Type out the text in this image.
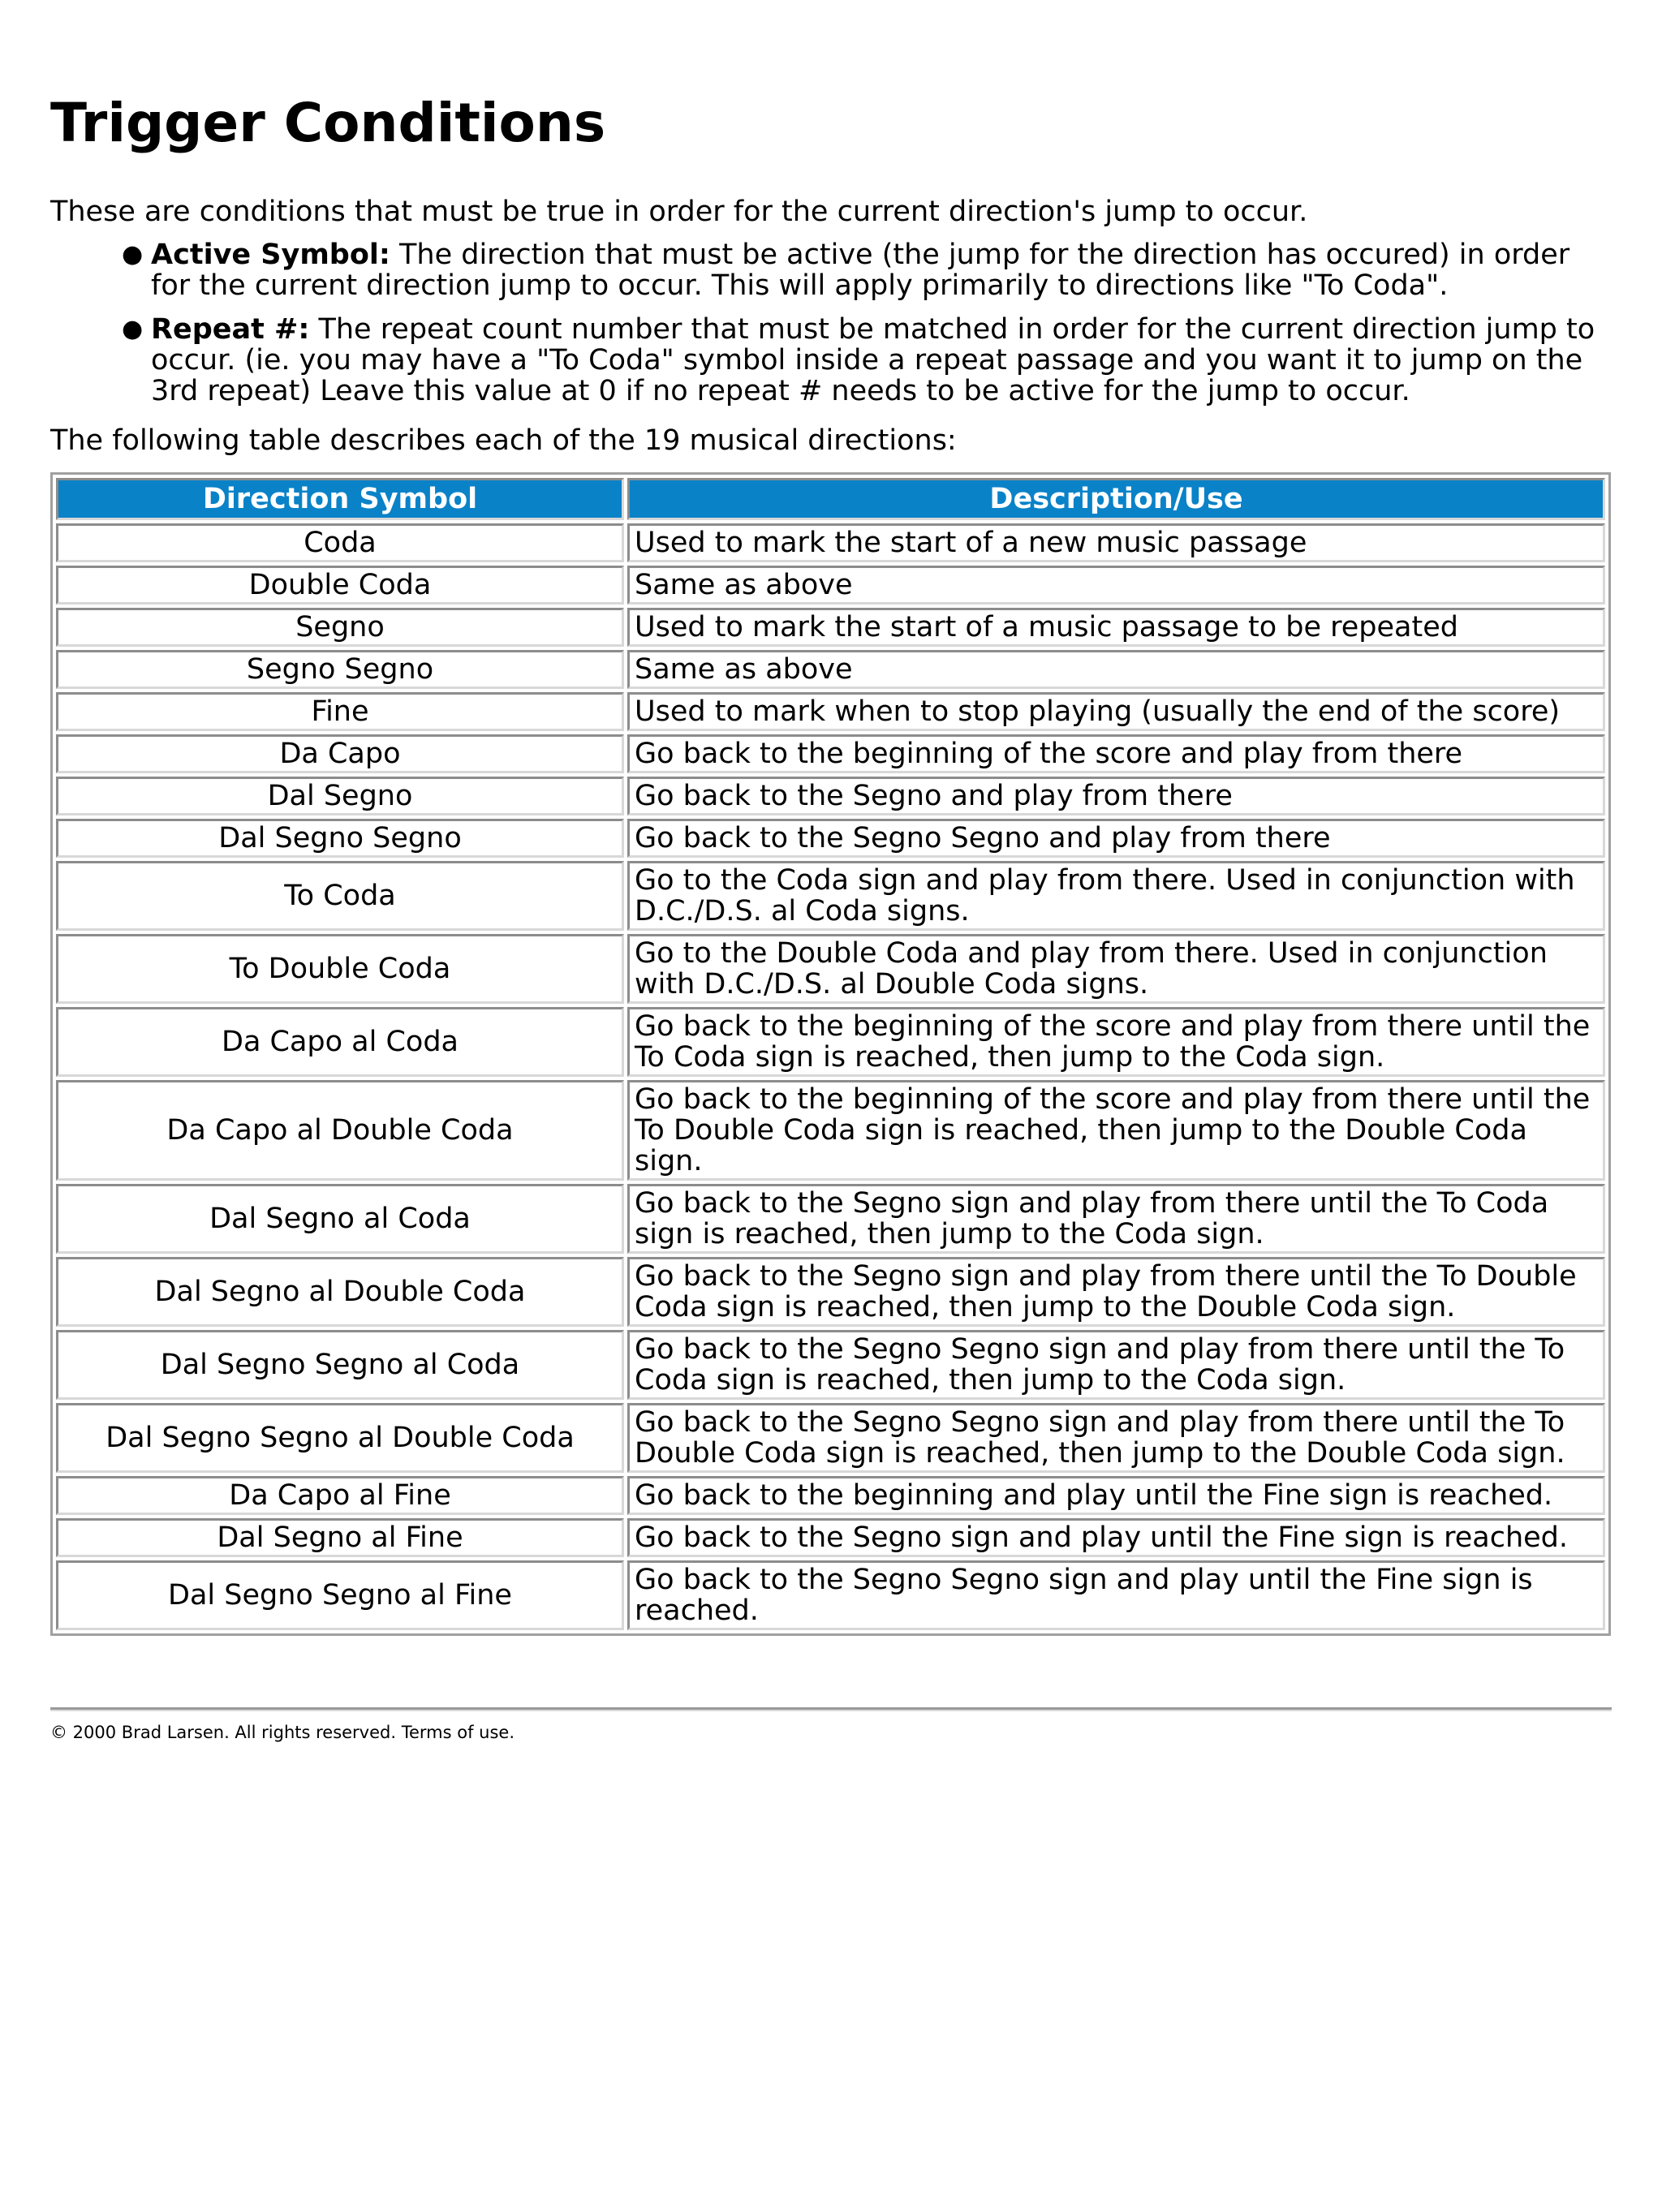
Trigger Conditions

These are conditions that must be true in order for the current direction's jump to occur.

● Active Symbol: The direction that must be active (the jump for the direction has occured) in order for the current direction jump to occur. This will apply primarily to directions like "To Coda".
● Repeat #: The repeat count number that must be matched in order for the current direction jump to occur. (ie. you may have a "To Coda" symbol inside a repeat passage and you want it to jump on the 3rd repeat) Leave this value at 0 if no repeat # needs to be active for the jump to occur.

The following table describes each of the 19 musical directions:

Direction Symbol	Description/Use
Coda	Used to mark the start of a new music passage
Double Coda	Same as above
Segno	Used to mark the start of a music passage to be repeated
Segno Segno	Same as above
Fine	Used to mark when to stop playing (usually the end of the score)
Da Capo	Go back to the beginning of the score and play from there
Dal Segno	Go back to the Segno and play from there
Dal Segno Segno	Go back to the Segno Segno and play from there
To Coda	Go to the Coda sign and play from there. Used in conjunction with D.C./D.S. al Coda signs.
To Double Coda	Go to the Double Coda and play from there. Used in conjunction with D.C./D.S. al Double Coda signs.
Da Capo al Coda	Go back to the beginning of the score and play from there until the To Coda sign is reached, then jump to the Coda sign.
Da Capo al Double Coda	Go back to the beginning of the score and play from there until the To Double Coda sign is reached, then jump to the Double Coda sign.
Dal Segno al Coda	Go back to the Segno sign and play from there until the To Coda sign is reached, then jump to the Coda sign.
Dal Segno al Double Coda	Go back to the Segno sign and play from there until the To Double Coda sign is reached, then jump to the Double Coda sign.
Dal Segno Segno al Coda	Go back to the Segno Segno sign and play from there until the To Coda sign is reached, then jump to the Coda sign.
Dal Segno Segno al Double Coda	Go back to the Segno Segno sign and play from there until the To Double Coda sign is reached, then jump to the Double Coda sign.
Da Capo al Fine	Go back to the beginning and play until the Fine sign is reached.
Dal Segno al Fine	Go back to the Segno sign and play until the Fine sign is reached.
Dal Segno Segno al Fine	Go back to the Segno Segno sign and play until the Fine sign is reached.

© 2000 Brad Larsen. All rights reserved. Terms of use.
